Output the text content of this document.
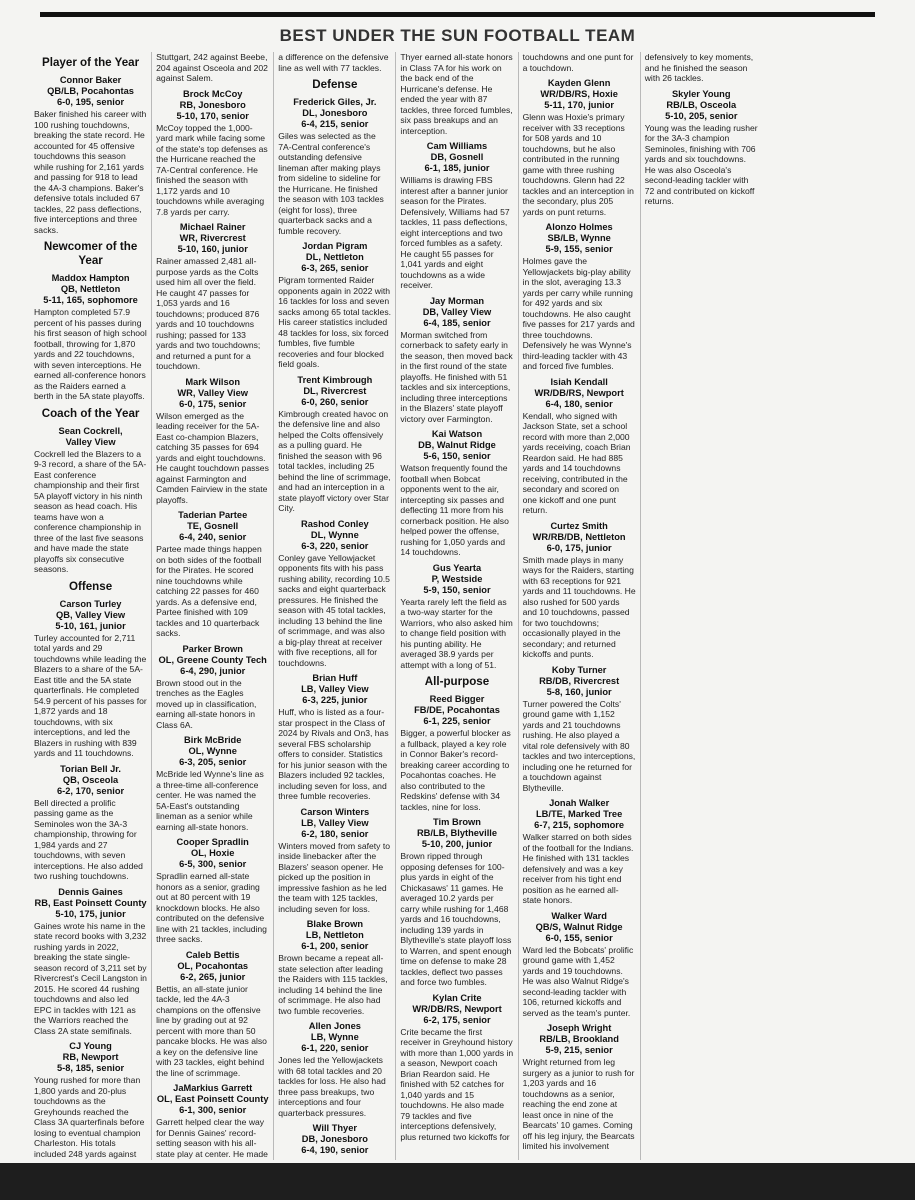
BEST UNDER THE SUN FOOTBALL TEAM
Player of the Year
Connor Baker
QB/LB, Pocahontas
6-0, 195, senior

Baker finished his career with 100 rushing touchdowns, breaking the state record. He accounted for 45 offensive touchdowns this season while rushing for 2,161 yards and passing for 918 to lead the 4A-3 champions. Baker's defensive totals included 67 tackles, 22 pass deflections, five interceptions and three sacks.

Newcomer of the Year
Maddox Hampton
QB, Nettleton
5-11, 165, sophomore

Hampton completed 57.9 percent of his passes during his first season of high school football, throwing for 1,870 yards and 22 touchdowns, with seven interceptions. He earned all-conference honors as the Raiders earned a berth in the 5A state playoffs.

Coach of the Year
Sean Cockrell,
Valley View

Cockrell led the Blazers to a 9-3 record, a share of the 5A-East conference championship and their first 5A playoff victory in his ninth season as head coach. His teams have won a conference championship in three of the last five seasons and have made the state playoffs six consecutive seasons.

Offense
Carson Turley
QB, Valley View
5-10, 161, junior

Turley accounted for 2,711 total yards and 29 touchdowns while leading the Blazers to a share of the 5A-East title and the 5A state quarterfinals. He completed 54.9 percent of his passes for 1,872 yards and 18 touchdowns, with six interceptions, and led the Blazers in rushing with 839 yards and 11 touchdowns.

Torian Bell Jr.
QB, Osceola
6-2, 170, senior

Bell directed a prolific passing game as the Seminoles won the 3A-3 championship, throwing for 1,984 yards and 27 touchdowns, with seven interceptions. He also added two rushing touchdowns.

Dennis Gaines
RB, East Poinsett County
5-10, 175, junior

Gaines wrote his name in the state record books with 3,232 rushing yards in 2022, breaking the state single-season record of 3,211 set by Rivercrest's Cecil Langston in 2015. He scored 44 rushing touchdowns and also led EPC in tackles with 121 as the Warriors reached the Class 2A state semifinals.

CJ Young
RB, Newport
5-8, 185, senior

Young rushed for more than 1,800 yards and 20-plus touchdowns as the Greyhounds reached the Class 3A quarterfinals before losing to eventual champion Charleston. His totals included 248 yards against Stuttgart, 242 against Beebe, 204 against Osceola and 202 against Salem.

Brock McCoy
RB, Jonesboro
5-10, 170, senior

McCoy topped the 1,000-yard mark while facing some of the state's top defenses as the Hurricane reached the 7A-Central conference. He finished the season with 1,172 yards and 10 touchdowns while averaging 7.8 yards per carry.

Michael Rainer
WR, Rivercrest
5-10, 160, junior

Rainer amassed 2,481 all-purpose yards as the Colts used him all over the field. He caught 47 passes for 1,053 yards and 16 touchdowns; produced 876 yards and 10 touchdowns rushing; passed for 133 yards and two touchdowns; and returned a punt for a touchdown.

Mark Wilson
WR, Valley View
6-0, 175, senior

Wilson emerged as the leading receiver for the 5A-East co-champion Blazers, catching 35 passes for 694 yards and eight touchdowns. He caught touchdown passes against Farmington and Camden Fairview in the state playoffs.

Taderian Partee
TE, Gosnell
6-4, 240, senior

Partee made things happen on both sides of the football for the Pirates. He scored nine touchdowns while catching 22 passes for 460 yards. As a defensive end, Partee finished with 109 tackles and 10 quarterback sacks.

Parker Brown
OL, Greene County Tech
6-4, 290, junior

Brown stood out in the trenches as the Eagles moved up in classification, earning all-state honors in Class 6A.

Birk McBride
OL, Wynne
6-3, 205, senior

McBride led Wynne's line as a three-time all-conference center. He was named the 5A-East's outstanding lineman as a senior while earning all-state honors.

Cooper Spradlin
OL, Hoxie
6-5, 300, senior

Spradlin earned all-state honors as a senior, grading out at 80 percent with 19 knockdown blocks. He also contributed on the defensive line with 21 tackles, including three sacks.

Caleb Bettis
OL, Pocahontas
6-2, 265, junior

Bettis, an all-state junior tackle, led the 4A-3 champions on the offensive line by grading out at 92 percent with more than 50 pancake blocks. He was also a key on the defensive line with 23 tackles, eight behind the line of scrimmage.

JaMarkius Garrett
OL, East Poinsett County
6-1, 300, senior

Garrett helped clear the way for Dennis Gaines' record-setting season with his all-state play at center. He made a difference on the defensive line as well with 77 tackles.

Defense
Frederick Giles, Jr.
DL, Jonesboro
6-4, 215, senior

Giles was selected as the 7A-Central conference's outstanding defensive lineman after making plays from sideline to sideline for the Hurricane. He finished the season with 103 tackles (eight for loss), three quarterback sacks and a fumble recovery.

Jordan Pigram
DL, Nettleton
6-3, 265, senior

Pigram tormented Raider opponents again in 2022 with 16 tackles for loss and seven sacks among 65 total tackles. His career statistics included 48 tackles for loss, six forced fumbles, five fumble recoveries and four blocked field goals.

Trent Kimbrough
DL, Rivercrest
6-0, 260, senior

Kimbrough created havoc on the defensive line and also helped the Colts offensively as a pulling guard. He finished the season with 96 total tackles, including 25 behind the line of scrimmage, and had an interception in a state playoff victory over Star City.

Rashod Conley
DL, Wynne
6-3, 220, senior

Conley gave Yellowjacket opponents fits with his pass rushing ability, recording 10.5 sacks and eight quarterback pressures. He finished the season with 45 total tackles, including 13 behind the line of scrimmage, and was also a big-play threat at receiver with five receptions, all for touchdowns.

Brian Huff
LB, Valley View
6-3, 225, junior

Huff, who is listed as a four-star prospect in the Class of 2024 by Rivals and On3, has several FBS scholarship offers to consider. Statistics for his junior season with the Blazers included 92 tackles, including seven for loss, and three fumble recoveries.

Carson Winters
LB, Valley View
6-2, 180, senior

Winters moved from safety to inside linebacker after the Blazers' season opener. He picked up the position in impressive fashion as he led the team with 125 tackles, including seven for loss.

Blake Brown
LB, Nettleton
6-1, 200, senior

Brown became a repeat all-state selection after leading the Raiders with 115 tackles, including 14 behind the line of scrimmage. He also had two fumble recoveries.

Allen Jones
LB, Wynne
6-1, 220, senior

Jones led the Yellowjackets with 68 total tackles and 20 tackles for loss. He also had three pass breakups, two interceptions and four quarterback pressures.

Will Thyer
DB, Jonesboro
6-4, 190, senior

Thyer earned all-state honors in Class 7A for his work on the back end of the Hurricane's defense. He ended the year with 87 tackles, three forced fumbles, six pass breakups and an interception.

Cam Williams
DB, Gosnell
6-1, 185, junior

Williams is drawing FBS interest after a banner junior season for the Pirates. Defensively, Williams had 57 tackles, 11 pass deflections, eight interceptions and two forced fumbles as a safety. He caught 55 passes for 1,041 yards and eight touchdowns as a wide receiver.

Jay Morman
DB, Valley View
6-4, 185, senior

Morman switched from cornerback to safety early in the season, then moved back in the first round of the state playoffs. He finished with 51 tackles and six interceptions, including three interceptions in the Blazers' state playoff victory over Farmington.

Kai Watson
DB, Walnut Ridge
5-6, 150, senior

Watson frequently found the football when Bobcat opponents went to the air, intercepting six passes and deflecting 11 more from his cornerback position. He also helped power the offense, rushing for 1,050 yards and 14 touchdowns.

Gus Yearta
P, Westside
5-9, 150, senior

Yearta rarely left the field as a two-way starter for the Warriors, who also asked him to change field position with his punting ability. He averaged 38.9 yards per attempt with a long of 51.

All-purpose
Reed Bigger
FB/DE, Pocahontas
6-1, 225, senior

Bigger, a powerful blocker as a fullback, played a key role in Connor Baker's record-breaking career according to Pocahontas coaches. He also contributed to the Redskins' defense with 34 tackles, nine for loss.

Tim Brown
RB/LB, Blytheville
5-10, 200, junior

Brown ripped through opposing defenses for 100-plus yards in eight of the Chickasaws' 11 games. He averaged 10.2 yards per carry while rushing for 1,468 yards and 16 touchdowns, including 139 yards in Blytheville's state playoff loss to Warren, and spent enough time on defense to make 28 tackles, deflect two passes and force two fumbles.

Kylan Crite
WR/DB/RS, Newport
6-2, 175, senior

Crite became the first receiver in Greyhound history with more than 1,000 yards in a season, Newport coach Brian Reardon said. He finished with 52 catches for 1,040 yards and 15 touchdowns. He also made 79 tackles and five interceptions defensively, plus returned two kickoffs for touchdowns and one punt for a touchdown.

Kayden Glenn
WR/DB/RS, Hoxie
5-11, 170, junior

Glenn was Hoxie's primary receiver with 33 receptions for 508 yards and 10 touchdowns, but he also contributed in the running game with three rushing touchdowns. Glenn had 22 tackles and an interception in the secondary, plus 205 yards on punt returns.

Alonzo Holmes
SB/LB, Wynne
5-9, 155, senior

Holmes gave the Yellowjackets big-play ability in the slot, averaging 13.3 yards per carry while running for 492 yards and six touchdowns. He also caught five passes for 217 yards and three touchdowns. Defensively he was Wynne's third-leading tackler with 43 and forced five fumbles.

Isiah Kendall
WR/DB/RS, Newport
6-4, 180, senior

Kendall, who signed with Jackson State, set a school record with more than 2,000 yards receiving, coach Brian Reardon said. He had 885 yards and 14 touchdowns receiving, contributed in the secondary and scored on one kickoff and one punt return.

Curtez Smith
WR/RB/DB, Nettleton
6-0, 175, junior

Smith made plays in many ways for the Raiders, starting with 63 receptions for 921 yards and 11 touchdowns. He also rushed for 500 yards and 10 touchdowns, passed for two touchdowns; occasionally played in the secondary; and returned kickoffs and punts.

Koby Turner
RB/DB, Rivercrest
5-8, 160, junior

Turner powered the Colts' ground game with 1,152 yards and 21 touchdowns rushing. He also played a vital role defensively with 80 tackles and two interceptions, including one he returned for a touchdown against Blytheville.

Jonah Walker
LB/TE, Marked Tree
6-7, 215, sophomore

Walker starred on both sides of the football for the Indians. He finished with 131 tackles defensively and was a key receiver from his tight end position as he earned all-state honors.

Walker Ward
QB/S, Walnut Ridge
6-0, 155, senior

Ward led the Bobcats' prolific ground game with 1,452 yards and 19 touchdowns. He was also Walnut Ridge's second-leading tackler with 106, returned kickoffs and served as the team's punter.

Joseph Wright
RB/LB, Brookland
5-9, 215, senior

Wright returned from leg surgery as a junior to rush for 1,203 yards and 16 touchdowns as a senior, reaching the end zone at least once in nine of the Bearcats' 10 games. Coming off his leg injury, the Bearcats limited his involvement defensively to key moments, and he finished the season with 26 tackles.

Skyler Young
RB/LB, Osceola
5-10, 205, senior

Young was the leading rusher for the 3A-3 champion Seminoles, finishing with 706 yards and six touchdowns. He was also Osceola's second-leading tackler with 72 and contributed on kickoff returns.
